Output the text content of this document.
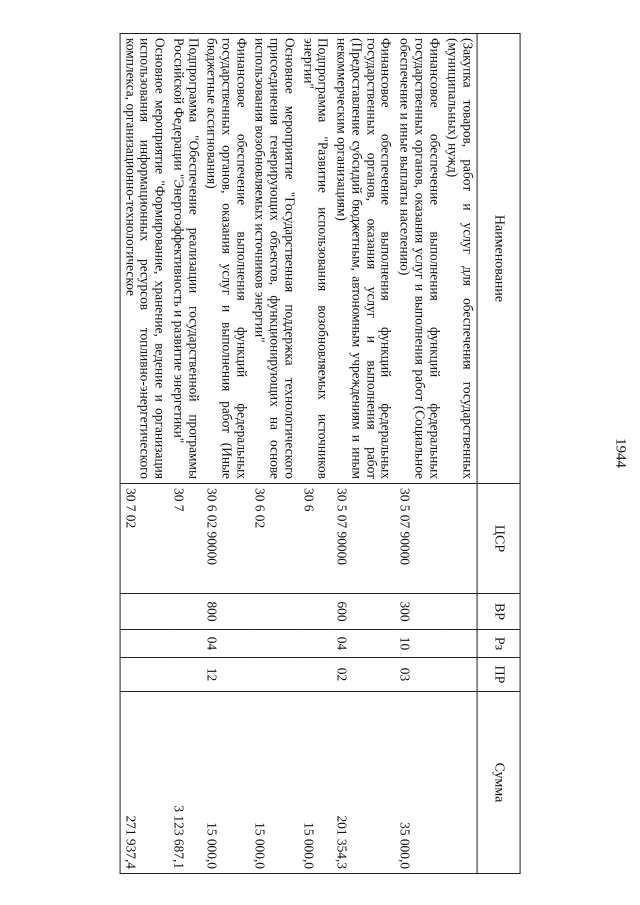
1944
Наименование	ЦСР	ВР	Рз	ПР	Сумма
(Закупка товаров, работ и услуг для обеспечения государственных (муниципальных) нужд)					
Финансовое обеспечение выполнения функций федеральных государственных органов, оказания услуг и выполнения работ (Социальное обеспечение и иные выплаты населению)	30 5 07 90000	300	10	03	35 000,0
Финансовое обеспечение выполнения функций федеральных государственных органов, оказания услуг и выполнения работ (Предоставление субсидий бюджетным, автономным учреждениям и иным некоммерческим организациям)	30 5 07 90000	600	04	02	201 354,3
Подпрограмма "Развитие использования возобновляемых источников энергии"	30 6				15 000,0
Основное мероприятие "Государственная поддержка технологического присоединения генерирующих объектов, функционирующих на основе использования возобновляемых источников энергии"	30 6 02				15 000,0
Финансовое обеспечение выполнения функций федеральных государственных органов, оказания услуг и выполнения работ (Иные бюджетные ассигнования)	30 6 02 90000	800	04	12	15 000,0
Подпрограмма "Обеспечение реализации государственной программы Российской Федерации "Энергоэффективность и развитие энергетики"	30 7				3 123 687,1
Основное мероприятие "Формирование, хранение, ведение и организация использования информационных ресурсов топливно-энергетического комплекса, организационно-технологическое	30 7 02				271 937,4
